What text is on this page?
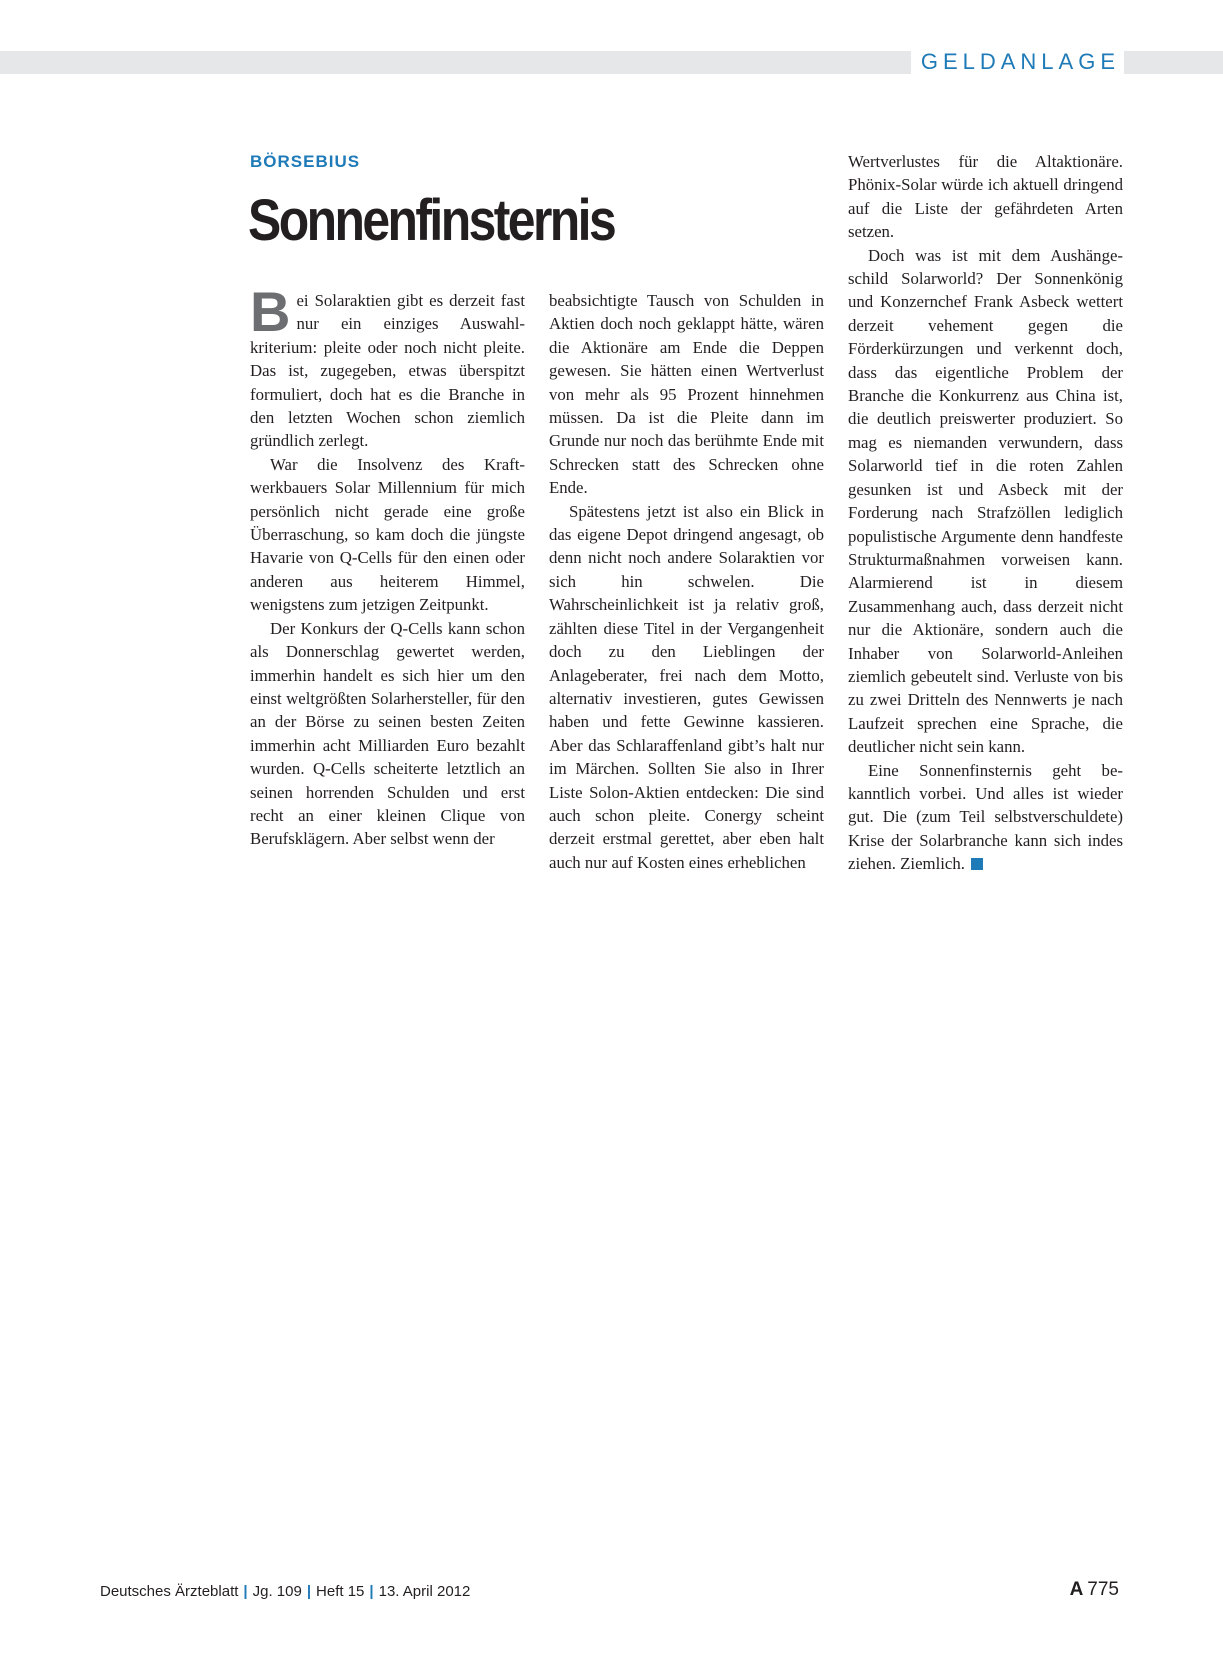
GELDANLAGE
BÖRSEBIUS
Sonnenfinsternis

Bei Solaraktien gibt es derzeit fast nur ein einziges Auswahlkriterium: pleite oder noch nicht pleite. Das ist, zugegeben, etwas überspitzt formuliert, doch hat es die Branche in den letzten Wochen schon ziemlich gründlich zerlegt.

War die Insolvenz des Kraftwerkbauers Solar Millennium für mich persönlich nicht gerade eine große Überraschung, so kam doch die jüngste Havarie von Q-Cells für den einen oder anderen aus heiterem Himmel, wenigstens zum jetzigen Zeitpunkt.

Der Konkurs der Q-Cells kann schon als Donnerschlag gewertet werden, immerhin handelt es sich hier um den einst weltgrößten Solarhersteller, für den an der Börse zu seinen besten Zeiten immerhin acht Milliarden Euro bezahlt wurden. Q-Cells scheiterte letztlich an seinen horrenden Schulden und erst recht an einer kleinen Clique von Berufsklägern. Aber selbst wenn der

beabsichtigte Tausch von Schulden in Aktien doch noch geklappt hätte, wären die Aktionäre am Ende die Deppen gewesen. Sie hätten einen Wertverlust von mehr als 95 Prozent hinnehmen müssen. Da ist die Pleite dann im Grunde nur noch das berühmte Ende mit Schrecken statt des Schrecken ohne Ende.

Spätestens jetzt ist also ein Blick in das eigene Depot dringend angesagt, ob denn nicht noch andere Solaraktien vor sich hin schwelen. Die Wahrscheinlichkeit ist ja relativ groß, zählten diese Titel in der Vergangenheit doch zu den Lieblingen der Anlageberater, frei nach dem Motto, alternativ investieren, gutes Gewissen haben und fette Gewinne kassieren. Aber das Schlaraffenland gibt’s halt nur im Märchen. Sollten Sie also in Ihrer Liste Solon-Aktien entdecken: Die sind auch schon pleite. Conergy scheint derzeit erstmal gerettet, aber eben halt auch nur auf Kosten eines erheblichen

Wertverlustes für die Altaktionäre. Phönix-Solar würde ich aktuell dringend auf die Liste der gefährdeten Arten setzen.

Doch was ist mit dem Aushängeschild Solarworld? Der Sonnenkönig und Konzernchef Frank Asbeck wettert derzeit vehement gegen die Förderkürzungen und verkennt doch, dass das eigentliche Problem der Branche die Konkurrenz aus China ist, die deutlich preiswerter produziert. So mag es niemanden verwundern, dass Solarworld tief in die roten Zahlen gesunken ist und Asbeck mit der Forderung nach Strafzöllen lediglich populistische Argumente denn handfeste Strukturmaßnahmen vorweisen kann. Alarmierend ist in diesem Zusammenhang auch, dass derzeit nicht nur die Aktionäre, sondern auch die Inhaber von Solarworld-Anleihen ziemlich gebeutelt sind. Verluste von bis zu zwei Dritteln des Nennwerts je nach Laufzeit sprechen eine Sprache, die deutlicher nicht sein kann.

Eine Sonnenfinsternis geht bekanntlich vorbei. Und alles ist wieder gut. Die (zum Teil selbstverschuldete) Krise der Solarbranche kann sich indes ziehen. Ziemlich.

Deutsches Ärzteblatt | Jg. 109 | Heft 15 | 13. April 2012	A 775
